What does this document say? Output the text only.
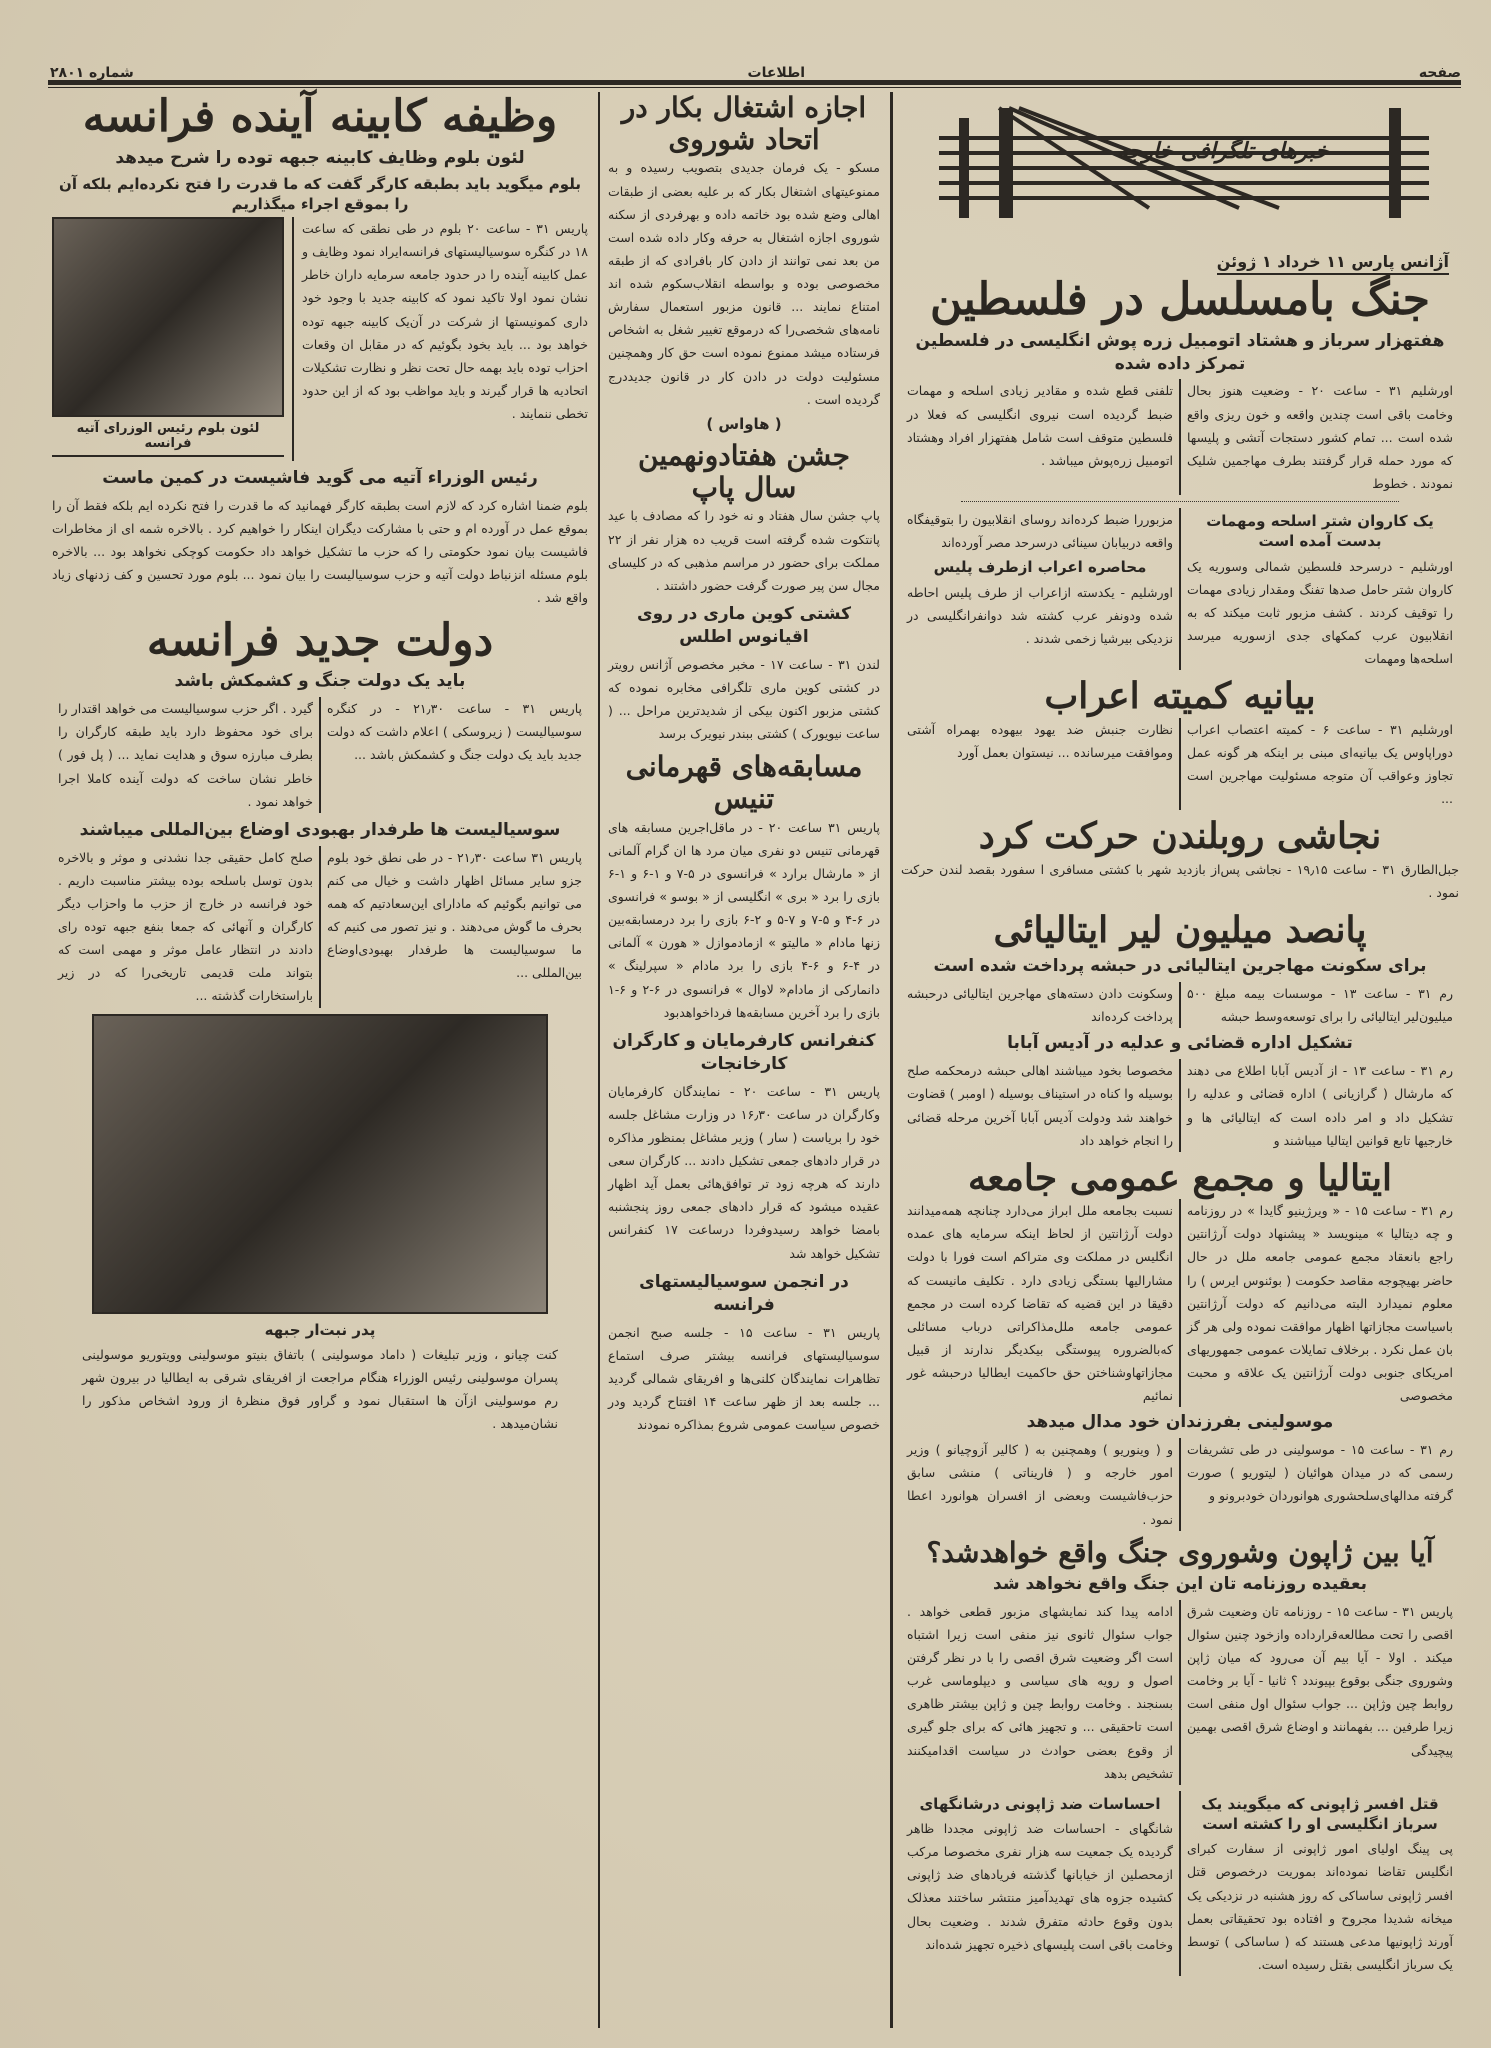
صفحه
اطلاعات
شماره ۲۸۰۱
خبرهای تلگرافی خارجه
آژانس پارس ۱۱ خرداد ۱ ژوئن
جنگ بامسلسل در فلسطین
هفتهزار سرباز و هشتاد اتومبیل زره پوش انگلیسی در فلسطین تمرکز داده شده
اورشلیم ۳۱ - ساعت ۲۰ - وضعیت هنوز بحال وخامت باقی است چندین واقعه و خون ریزی واقع شده است ... تمام کشور دستجات آتشی و پلیسها که مورد حمله قرار گرفتند بطرف مهاجمین شلیک نمودند . خطوط
تلفنی قطع شده و مقادیر زیادی اسلحه و مهمات ضبط گردیده است نیروی انگلیسی که فعلا در فلسطین متوقف است شامل هفتهزار افراد وهشتاد اتومبیل زره‌پوش میباشد .
یک کاروان شتر اسلحه ومهمات بدست آمده است
اورشلیم - درسرحد فلسطین شمالی وسوریه یک کاروان شتر حامل صدها تفنگ ومقدار زیادی مهمات را توقیف کردند . کشف مزبور ثابت میکند که به انقلابیون عرب کمکهای جدی ازسوریه میرسد اسلحه‌ها ومهمات
مزبوررا ضبط کرده‌اند روسای انقلابیون را بتوقیفگاه واقعه دربیابان سینائی درسرحد مصر آورده‌اند
محاصره اعراب ازطرف پلیس
اورشلیم - یکدسته ازاعراب از طرف پلیس احاطه شده ودونفر عرب کشته شد دوانفرانگلیسی در نزدیکی بیرشیا زخمی شدند .
بیانیه کمیته اعراب
اورشلیم ۳۱ - ساعت ۶ - کمیته اعتصاب اعراب دوراپاوس یک بیانیه‌ای مبنی بر اینکه هر گونه عمل تجاوز وعواقب آن متوجه مسئولیت مهاجرین است ...
نظارت جنبش ضد یهود بیهوده بهمراه آشتی وموافقت میرسانده ... نیستوان بعمل آورد
نجاشی روبلندن حرکت کرد
جبل‌الطارق ۳۱ - ساعت ۱۹٫۱۵ - نجاشی پس‌از بازدید شهر با کشتی مسافری ا سفورد بقصد لندن حرکت نمود .
پانصد میلیون لیر ایتالیائی
برای سکونت مهاجرین ایتالیائی در حبشه پرداخت شده است
رم ۳۱ - ساعت ۱۳ - موسسات بیمه مبلغ ۵۰۰ میلیون‌لیر ایتالیائی را برای توسعه‌وسط حبشه
وسکونت دادن دسته‌های مهاجرین ایتالیائی درحبشه پرداخت کرده‌اند
تشکیل اداره قضائی و عدلیه در آدیس آبابا
رم ۳۱ - ساعت ۱۳ - از آدیس آبابا اطلاع می دهند که مارشال ( گرازیانی ) اداره قضائی و عدلیه را تشکیل داد و امر داده است که ایتالیائی ها و خارجیها تابع قوانین ایتالیا میباشند و
مخصوصا بخود میباشند اهالی حبشه درمحکمه صلح بوسیله وا کناه در استیناف بوسیله ( اومبر ) قضاوت خواهند شد ودولت آدیس آبابا آخرین مرحله قضائی را انجام خواهد داد
ایتالیا و مجمع عمومی جامعه
رم ۳۱ - ساعت ۱۵ - « ویرژینیو گایدا » در روزنامه و چه دیتالیا » مینویسد « پیشنهاد دولت آرژانتین راجع بانعقاد مجمع عمومی جامعه ملل در حال حاضر بهیچوجه مقاصد حکومت ( بوئنوس ایرس ) را معلوم نمیدارد البته می‌دانیم که دولت آرژانتین باسیاست مجازاتها اظهار موافقت نموده ولی هر گز بان عمل نکرد . برخلاف تمایلات عمومی جمهوریهای امریکای جنوبی دولت آرژانتین یک علاقه و محبت مخصوصی
نسبت بجامعه ملل ابراز می‌دارد چنانچه همه‌میدانند دولت آرژانتین از لحاظ اینکه سرمایه های عمده انگلیس در مملکت وی متراکم است فورا با دولت مشارالیها بستگی زیادی دارد . تکلیف مانیست که دقیقا در این قضیه که تقاضا کرده است در مجمع عمومی جامعه ملل‌مذاکراتی درباب مسائلی که‌بالضروره پیوستگی بیکدیگر ندارند از قبیل مجازاتهاوشناختن حق حاکمیت ایطالیا درحبشه غور نمائیم
موسولینی بفرزندان خود مدال میدهد
رم ۳۱ - ساعت ۱۵ - موسولینی در طی تشریفات رسمی که در میدان هوائیان ( لیتوریو ) صورت گرفته مدالهای‌سلحشوری هوانوردان خودبرونو و
و ( وینوریو ) وهمچنین به ( کالیر آزوچیانو ) وزیر امور خارجه و ( فارینا‌تی ) منشی سابق حزب‌فاشیست وبعضی از افسران هوانورد اعطا نمود .
آیا بین ژاپون وشوروی جنگ واقع خواهدشد؟
بعقیده روزنامه تان این جنگ واقع نخواهد شد
پاریس ۳۱ - ساعت ۱۵ - روزنامه تان وضعیت شرق اقصی را تحت مطالعه‌قرارداده وازخود چنین سئوال میکند . اولا - آیا بیم آن می‌رود که میان ژاپن وشوروی جنگی بوقوع بپیوندد ؟ ثانیا - آیا بر وخامت روابط چین وژاپن ... جواب سئوال اول منفی است زیرا طرفین ... بفهمانند و اوضاع شرق اقصی بهمین پیچیدگی
ادامه پیدا کند نمایشهای مزبور قطعی خواهد . جواب سئوال ثانوی نیز منفی است زیرا اشتباه است اگر وضعیت شرق اقصی را با در نظر گرفتن اصول و رویه های سیاسی و دیپلوماسی غرب بسنجند . وخامت روابط چین و ژاپن بیشتر ظاهری است تاحقیقی ... و تجهیز هائی که برای جلو گیری از وقوع بعضی حوادث در سیاست اقدامیکنند تشخیص بدهد
قتل افسر ژاپونی که میگویند یک سرباز انگلیسی او را کشته است
پی پینگ اولیای امور ژاپونی از سفارت کبرای انگلیس تقاضا نموده‌اند بموریت درخصوص قتل افسر ژاپونی ساساکی که روز هشنبه در نزدیکی یک میخانه شدیدا مجروح و افتاده بود تحقیقاتی بعمل آورند ژاپونیها مدعی هستند که ( ساساکی ) توسط یک سرباز انگلیسی بقتل رسیده است.
احساسات ضد ژاپونی درشانگهای
شانگهای - احساسات ضد ژاپونی مجددا ظاهر گردیده یک جمعیت سه هزار نفری مخصوصا مرکب ازمحصلین از خیابانها گذشته فریادهای ضد ژاپونی کشیده جزوه های تهدیدآمیز منتشر ساختند معذلک بدون وقوع حادثه متفرق شدند . وضعیت بحال وخامت باقی است پلیسهای ذخیره تجهیز شده‌اند
اجازه اشتغال بکار در اتحاد شوروی
مسکو - یک فرمان جدیدی بتصویب رسیده و به ممنوعیتهای اشتغال بکار که بر علیه بعضی از طبقات اهالی وضع شده بود خاتمه داده و بهرفردی از سکنه شوروی اجازه اشتغال به حرفه وکار داده شده است من بعد نمی توانند از دادن کار بافرادی که از طبقه مخصوصی بوده و بواسطه انقلاب‌سکوم شده اند امتناع نمایند ... قانون مزبور استعمال سفارش نامه‌های شخصی‌را که درموقع تغییر شغل به اشخاص فرستاده میشد ممنوع نموده است حق کار وهمچنین مسئولیت دولت در دادن کار در قانون جدیددرج گردیده است .
( هاواس )
جشن هفتادونهمین سال پاپ
پاپ جشن سال هفتاد و نه خود را که مصادف با عید پانتکوت شده گرفته است قریب ده هزار نفر از ۲۲ مملکت برای حضور در مراسم مذهبی که در کلیسای مجال سن پیر صورت گرفت حضور داشتند .
کشتی کوین ماری در روی اقیانوس اطلس
لندن ۳۱ - ساعت ۱۷ - مخبر مخصوص آژانس رویتر در کشتی کوین ماری تلگرافی مخابره نموده که کشتی مزبور اکنون بیکی از شدیدترین مراحل ... ( ساعت نیویورک ) کشتی ببندر نیویرک برسد
مسابقه‌های قهرمانی تنیس
پاریس ۳۱ ساعت ۲۰ - در ماقل‌اجرین مسابقه های قهرمانی تنیس دو نفری میان مرد ها ان گرام آلمانی از « مارشال برارد » فرانسوی در ۵-۷ و ۱-۶ و ۱-۶ بازی را برد « بری » انگلیسی از « بوسو » فرانسوی در ۶-۴ و ۵-۷ و ۷-۵ و ۲-۶ بازی را برد درمسابقه‌بین زنها مادام « مالیتو » ازمادموازل « هورن » آلمانی در ۴-۶ و ۶-۴ بازی را برد مادام « سپرلینگ » دانمارکی از مادام« لاوال » فرانسوی در ۶-۲ و ۶-۱ بازی را برد آخرین مسابقه‌ها فرداخواهدبود
کنفرانس کارفرمایان و کارگران کارخانجات
پاریس ۳۱ - ساعت ۲۰ - نمایندگان کارفرمایان وکارگران در ساعت ۱۶٫۳۰ در وزارت مشاغل جلسه خود را بریاست ( سار ) وزیر مشاغل بمنظور مذاکره در قرار دادهای جمعی تشکیل دادند ... کارگران سعی دارند که هرچه زود تر توافق‌هائی بعمل آید اظهار عقیده میشود که قرار دادهای جمعی روز پنجشنبه بامضا خواهد رسیدوفردا درساعت ۱۷ کنفرانس تشکیل خواهد شد
در انجمن سوسیالیستهای فرانسه
پاریس ۳۱ - ساعت ۱۵ - جلسه صبح انجمن سوسیالیستهای فرانسه بیشتر صرف استماع تظاهرات نمایندگان کلنی‌ها و افریقای شمالی گردید ... جلسه بعد از ظهر ساعت ۱۴ افتتاح گردید ودر خصوص سیاست عمومی شروع بمذاکره نمودند
وظیفه کابینه آینده فرانسه
لئون بلوم وظایف کابینه جبهه توده را شرح میدهد
بلوم میگوید باید بطبقه کارگر گفت که ما قدرت را فتح نکرده‌ایم بلکه آن را بموقع اجراء میگذاریم
پاریس ۳۱ - ساعت ۲۰ بلوم در طی نطقی که ساعت ۱۸ در کنگره سوسیالیستهای فرانسه‌ایراد نمود وظایف و عمل کابینه آینده را در حدود جامعه سرمایه داران خاطر نشان نمود اولا تاکید نمود که کابینه جدید با وجود خود داری کمونیستها از شرکت در آن‌یک کابینه جبهه توده خواهد بود ... باید بخود بگوئیم که در مقابل ان وقعات احزاب توده باید بهمه حال تحت نظر و نظارت تشکیلات اتحادیه ها قرار گیرند و باید مواظب بود که از این حدود تخطی ننمایند .
لئون بلوم رئیس الوزرای آتیه فرانسه
رئیس الوزراء آتیه می گوید فاشیست در کمین ماست
بلوم ضمنا اشاره کرد که لازم است بطبقه کارگر فهمانید که ما قدرت را فتح نکرده ایم بلکه فقط آن را بموقع عمل در آورده ام و حتی با مشارکت دیگران اینکار را خواهیم کرد . بالاخره شمه ای از مخاطرات فاشیست بیان نمود حکومتی را که حزب ما تشکیل خواهد داد حکومت کوچکی نخواهد بود ... بالاخره بلوم مسئله انزنباط دولت آتیه و حزب سوسیالیست را بیان نمود ... بلوم مورد تحسین و کف زدنهای زیاد واقع شد .
دولت جدید فرانسه
باید یک دولت جنگ و کشمکش باشد
پاریس ۳۱ - ساعت ۲۱٫۳۰ - در کنگره سوسیالیست ( زیروسکی ) اعلام داشت که دولت جدید باید یک دولت جنگ و کشمکش باشد ...
گیرد . اگر حزب سوسیالیست می خواهد اقتدار را برای خود محفوظ دارد باید طبقه کارگران را بطرف مبارزه سوق و هدایت نماید ... ( پل فور ) خاطر نشان ساخت که دولت آینده کاملا اجرا خواهد نمود .
سوسیالیست ها طرفدار بهبودی اوضاع بین‌المللی میباشند
پاریس ۳۱ ساعت ۲۱٫۳۰ - در طی نطق خود بلوم جزو سایر مسائل اظهار داشت و خیال می کنم می توانیم بگوئیم که ماداراى این‌سعادتیم که همه بحرف ما گوش می‌دهند . و نیز تصور می کنیم که ما سوسیالیست ها طرفدار بهبودی‌اوضاع بین‌المللی ...
صلح کامل حقیقی جدا نشدنی و موثر و بالاخره بدون توسل باسلحه بوده بیشتر مناسبت داریم . خود فرانسه در خارج از حزب ما واحزاب دیگر کارگران و آنهائی که جمعا بنفع جبهه توده رای دادند در انتظار عامل موثر و مهمی است که بتواند ملت قدیمی تاریخی‌را که در زیر باراستخارات گذشته ...
پدر نبت‌ار جبهه
کنت چیانو ، وزیر تبلیغات ( داماد موسولینی ) باتفاق بنیتو موسولینی وویتوریو موسولینی پسران موسولینی رئیس الوزراء هنگام مراجعت از افریقای شرقی به ایطالیا در بیرون شهر رم موسولینی ازآن ها استقبال نمود و گراور فوق منظرۀ از ورود اشخاص مذکور را نشان‌میدهد .
